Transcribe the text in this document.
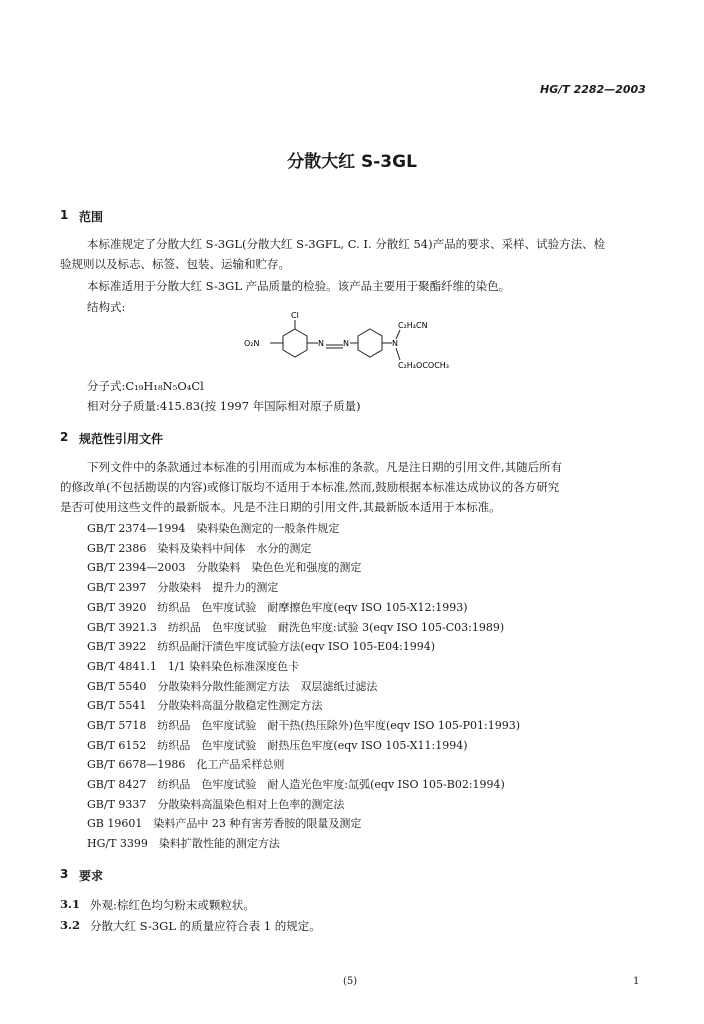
HG/T 2282—2003
分散大红 S-3GL
1 范围
本标准规定了分散大红 S-3GL(分散大红 S-3GFL, C. I. 分散红 54)产品的要求、采样、试验方法、检
验规则以及标志、标签、包装、运输和贮存。
本标准适用于分散大红 S-3GL 产品质量的检验。该产品主要用于聚酯纤维的染色。
结构式:
Cl
O₂N	N N	N
C₂H₄CN
C₂H₄OCOCH₃
分子式:C₁₉H₁₈N₅O₄Cl
相对分子质量:415.83(按 1997 年国际相对原子质量)
2 规范性引用文件
下列文件中的条款通过本标准的引用而成为本标准的条款。凡是注日期的引用文件,其随后所有
的修改单(不包括勘误的内容)或修订版均不适用于本标准,然而,鼓励根据本标准达成协议的各方研究
是否可使用这些文件的最新版本。凡是不注日期的引用文件,其最新版本适用于本标准。
GB/T 2374—1994　染料染色测定的一般条件规定
GB/T 2386　染料及染料中间体　水分的测定
GB/T 2394—2003　分散染料　染色色光和强度的测定
GB/T 2397　分散染料　提升力的测定
GB/T 3920　纺织品　色牢度试验　耐摩擦色牢度(eqv ISO 105-X12:1993)
GB/T 3921.3　纺织品　色牢度试验　耐洗色牢度:试验 3(eqv ISO 105-C03:1989)
GB/T 3922　纺织品耐汗渍色牢度试验方法(eqv ISO 105-E04:1994)
GB/T 4841.1　1/1 染料染色标准深度色卡
GB/T 5540　分散染料分散性能测定方法　双层滤纸过滤法
GB/T 5541　分散染料高温分散稳定性测定方法
GB/T 5718　纺织品　色牢度试验　耐干热(热压除外)色牢度(eqv ISO 105-P01:1993)
GB/T 6152　纺织品　色牢度试验　耐热压色牢度(eqv ISO 105-X11:1994)
GB/T 6678—1986　化工产品采样总则
GB/T 8427　纺织品　色牢度试验　耐人造光色牢度:氙弧(eqv ISO 105-B02:1994)
GB/T 9337　分散染料高温染色相对上色率的测定法
GB 19601　染料产品中 23 种有害芳香胺的限量及测定
HG/T 3399　染料扩散性能的测定方法
3 要求
3.1 外观:棕红色均匀粉末或颗粒状。
3.2 分散大红 S-3GL 的质量应符合表 1 的规定。
(5)	1
